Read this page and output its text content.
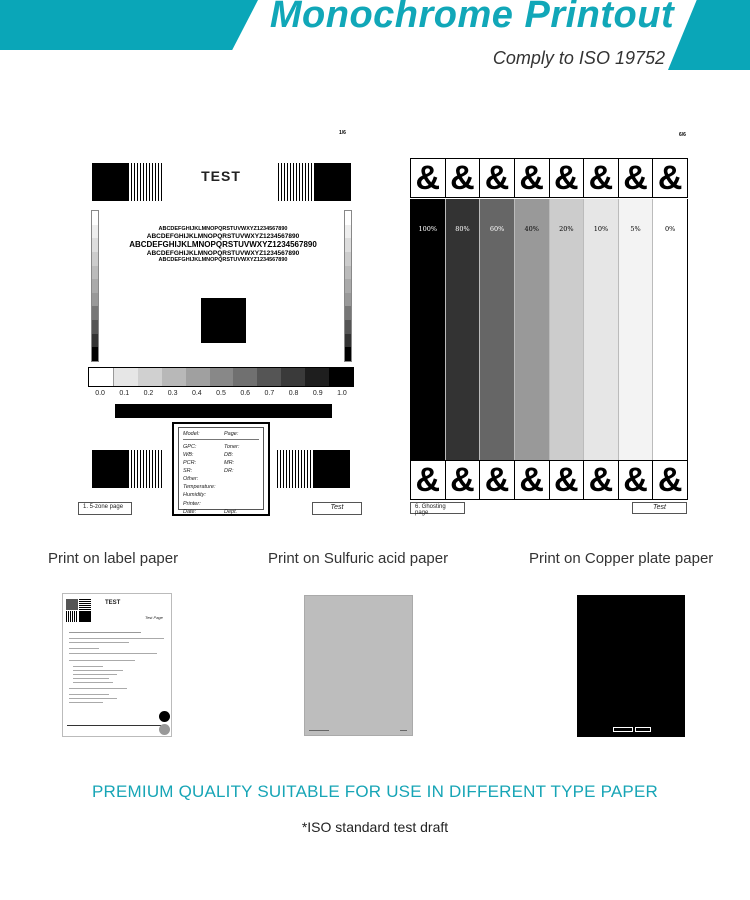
Monochrome Printout
Comply to ISO 19752
1/6
TEST
ABCDEFGHIJKLMNOPQRSTUVWXYZ1234567890
ABCDEFGHIJKLMNOPQRSTUVWXYZ1234567890
ABCDEFGHIJKLMNOPQRSTUVWXYZ1234567890
ABCDEFGHIJKLMNOPQRSTUVWXYZ1234567890
ABCDEFGHIJKLMNOPQRSTUVWXYZ1234567890
0.0	0.1	0.2	0.3	0.4	0.5	0.6	0.7	0.8	0.9	1.0
Model:	Page:
GPC:	Toner:
WB:	DB:
PCR:	MR:
SR:	DR:
Other:
Temperature:
Humidity:
Printer:
Date:	Dept.
1. 5-zone page	Test
6/6
& & & & & & & &
100%	80%	60%	40%	20%	10%	5%	0%
& & & & & & & &
6. Ghosting page
Test
Print on label paper	Print on Sulfuric acid paper	Print on Copper plate paper
TEST
Test Page
PREMIUM QUALITY SUITABLE FOR USE IN DIFFERENT TYPE PAPER
*ISO standard test draft
